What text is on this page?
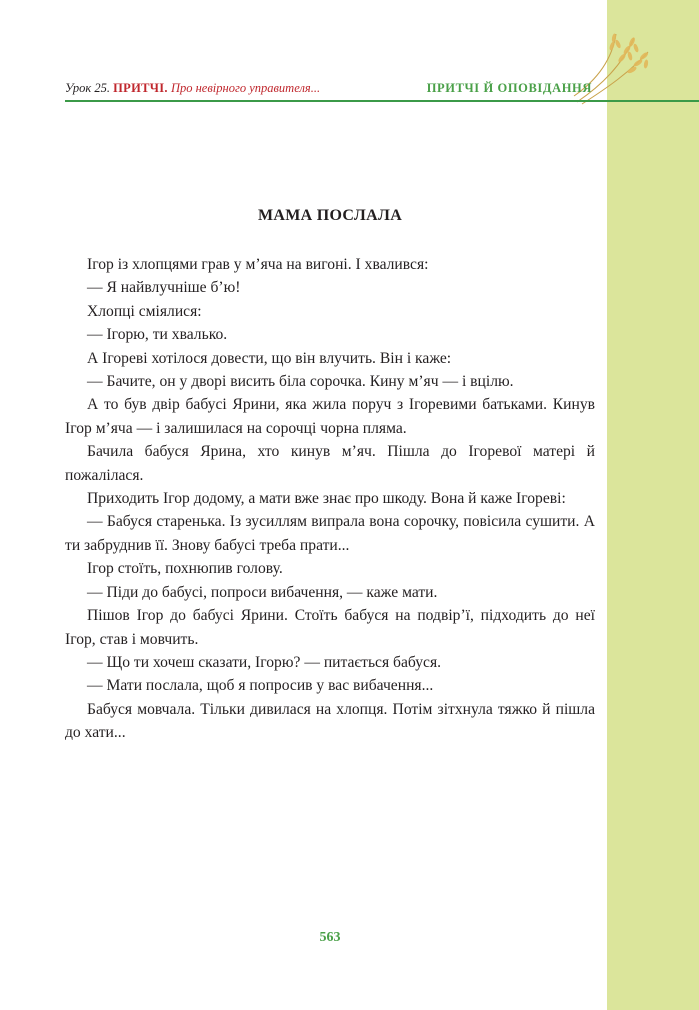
Урок 25. ПРИТЧІ. Про невірного управителя...	ПРИТЧІ Й ОПОВІДАННЯ
МАМА ПОСЛАЛА

Ігор із хлопцями грав у м’яча на вигоні. І хвалився:

— Я найвлучніше б’ю!

Хлопці сміялися:

— Ігорю, ти хвалько.

А Ігореві хотілося довести, що він влучить. Він і каже:

— Бачите, он у дворі висить біла сорочка. Кину м’яч — і вцілю.

А то був двір бабусі Ярини, яка жила поруч з Ігоревими батьками. Кинув Ігор м’яча — і залишилася на сорочці чорна пляма.

Бачила бабуся Ярина, хто кинув м’яч. Пішла до Ігоревої матері й пожалілася.

Приходить Ігор додому, а мати вже знає про шкоду. Вона й каже Ігореві:

— Бабуся старенька. Із зусиллям випрала вона сорочку, повісила сушити. А ти забруднив її. Знову бабусі треба прати...

Ігор стоїть, похнюпив голову.

— Піди до бабусі, попроси вибачення, — каже мати.

Пішов Ігор до бабусі Ярини. Стоїть бабуся на подвір’ї, підходить до неї Ігор, став і мовчить.

— Що ти хочеш сказати, Ігорю? — питається бабуся.

— Мати послала, щоб я попросив у вас вибачення...

Бабуся мовчала. Тільки дивилася на хлопця. Потім зітхнула тяжко й пішла до хати...

563
